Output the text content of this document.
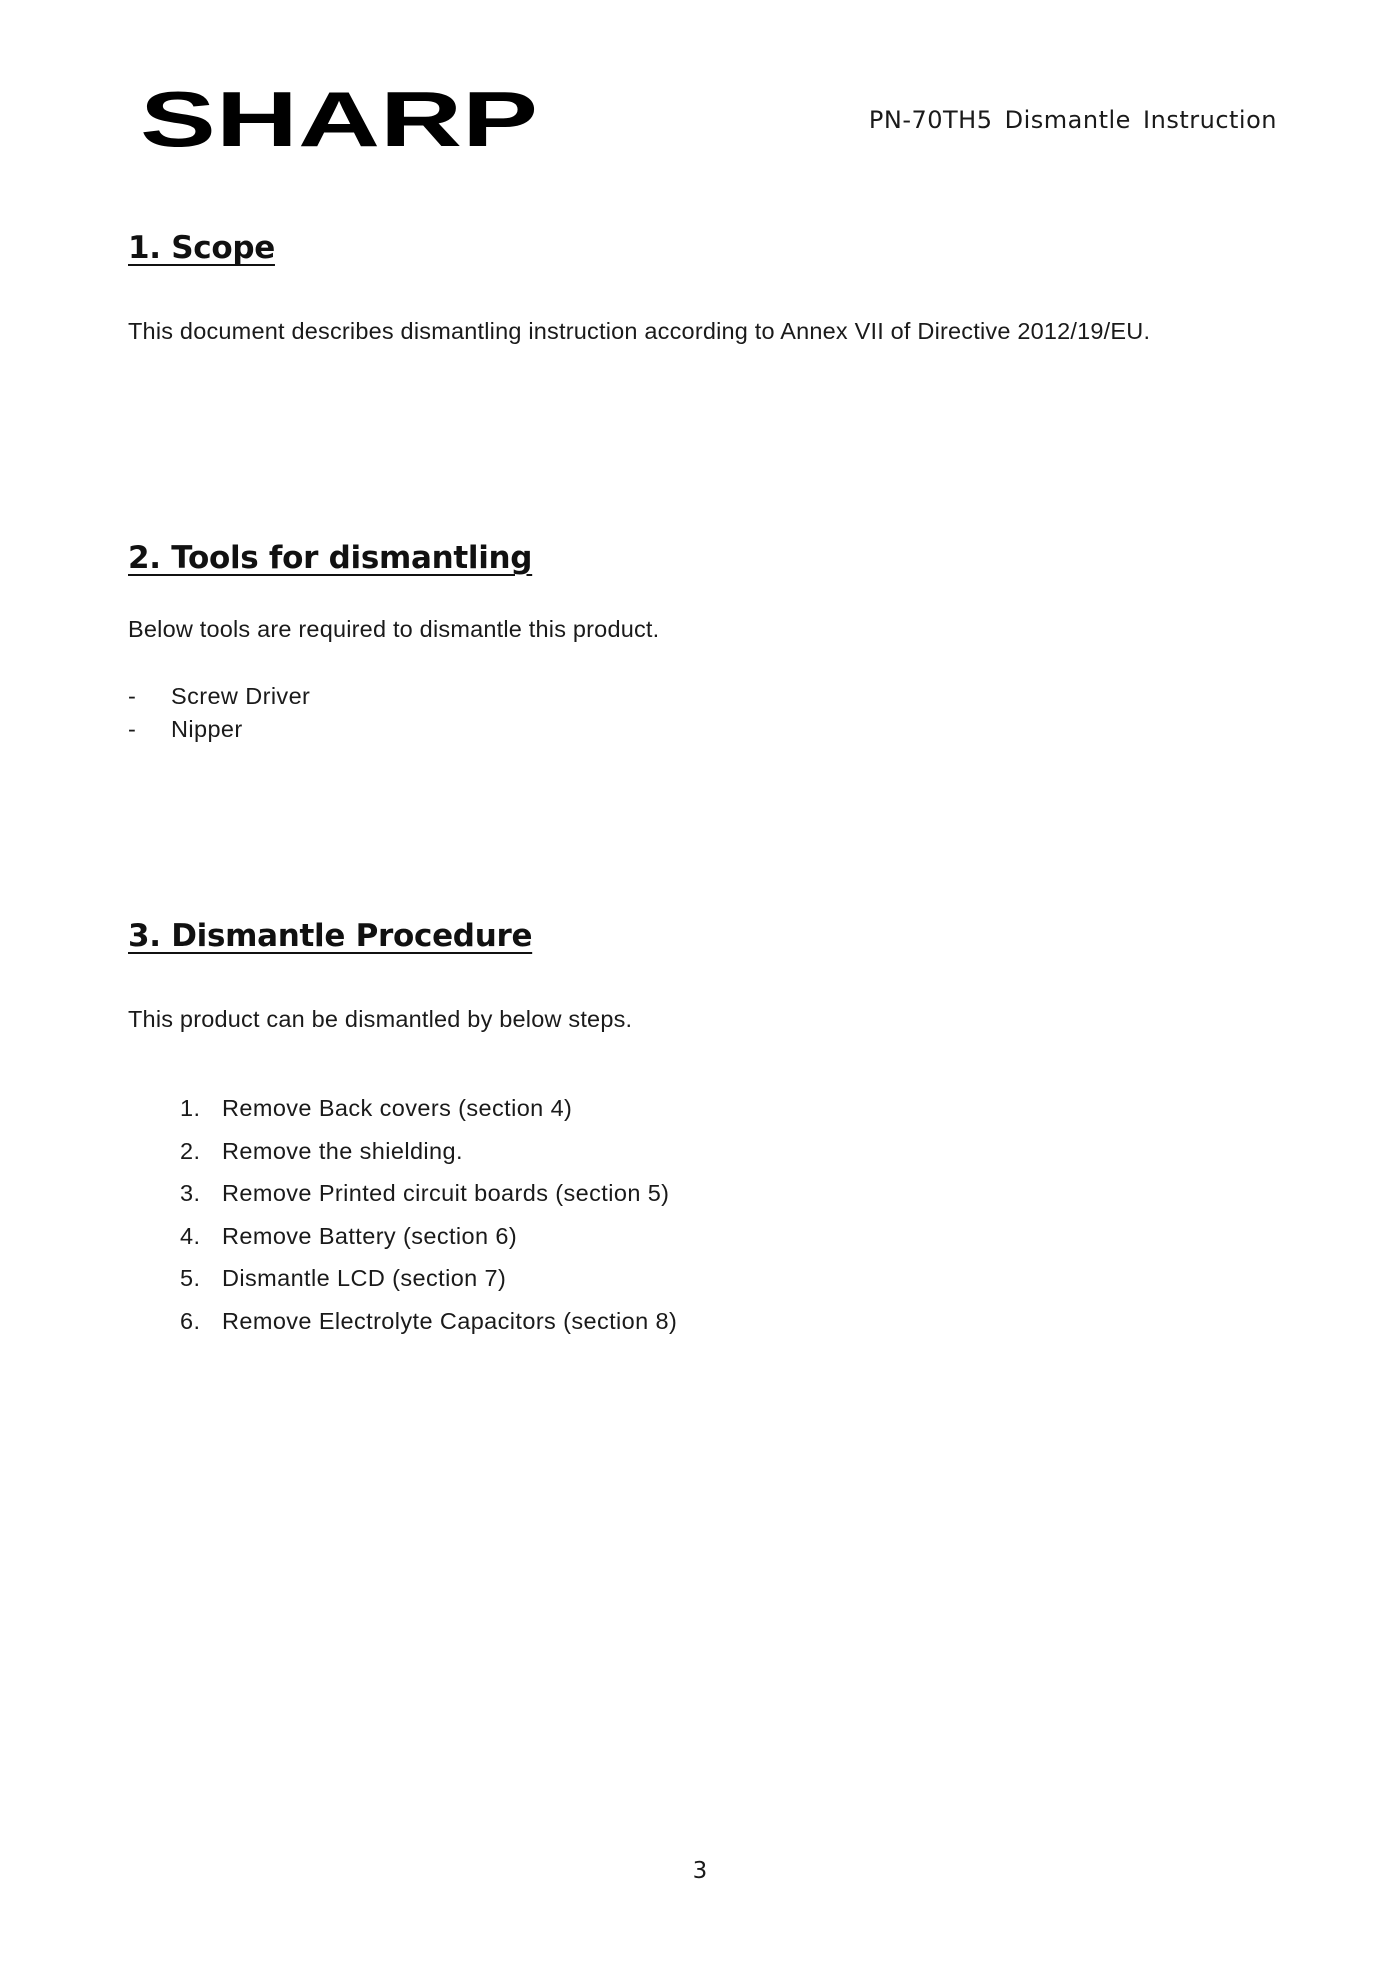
SHARP	PN-70TH5 Dismantle Instruction
1. Scope
This document describes dismantling instruction according to Annex VII of Directive 2012/19/EU.
2. Tools for dismantling
Below tools are required to dismantle this product.
- Screw Driver
- Nipper
3. Dismantle Procedure
This product can be dismantled by below steps.
1. Remove Back covers (section 4)
2. Remove the shielding.
3. Remove Printed circuit boards (section 5)
4. Remove Battery (section 6)
5. Dismantle LCD (section 7)
6. Remove Electrolyte Capacitors (section 8)
3
